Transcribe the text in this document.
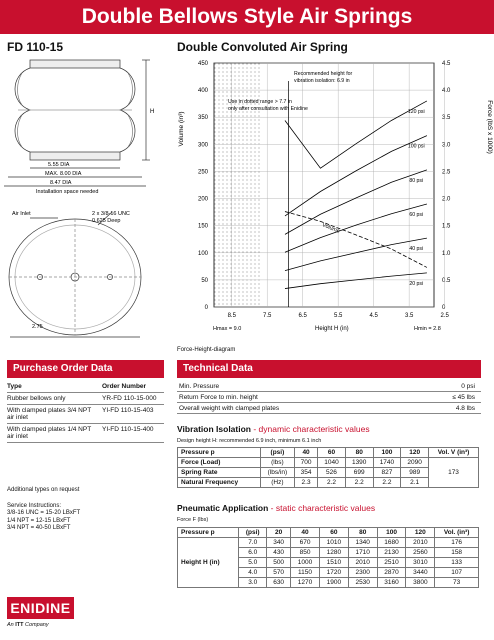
Double Bellows Style Air Springs
FD 110-15	Double Convoluted Air Spring
H
5.55 DIA
MAX. 8.00 DIA
8.47 DIA
Installation space needed
Air Inlet	2 x 3/8-16 UNC
0.625 Deep
2.75
0	0
50	0.5
100	1.0
150	1.5
200	2.0
250	2.5
300	3.0
350	3.5
400	4.0
450	4.5
8.5	7.5	6.5	5.5	4.5	3.5	2.5
Volume (in³)	Force (lbS x 1000)
Height H (in)
Hmax = 9.0	Hmin = 2.8
Recommended height for vibration isolation: 6.9 in
Use in dotted range > 7.7 in only after consultation with Enidine
Volume
120 psi
100 psi
80 psi
60 psi
40 psi
20 psi
Force-Height-diagram
Purchase Order Data
Type	Order Number
Rubber bellows only	YR-FD 110-15-000
With clamped plates 3/4 NPT air inlet	YI-FD 110-15-403
With clamped plates 1/4 NPT air inlet	YI-FD 110-15-400
Additional types on request
Service Instructions:
3/8-16 UNC = 15-20 LBxFT
1/4 NPT = 12-15 LBxFT
3/4 NPT = 40-50 LBxFT
Technical Data
Min. Pressure	0 psi
Return Force to min. height	≤ 45 lbs
Overall weight with clamped plates	4.8 lbs
Vibration Isolation - dynamic characteristic values
Design height H: recommended 6.9 inch, minimum 6.1 inch
Pressure p	(psi)	40	60	80	100	120	Vol. V (in³)
Force (Load)	(lbs)	700	1040	1390	1740	2090	173
Spring Rate	(lbs/in)	354	526	699	827	989	
Natural Frequency	(Hz)	2.3	2.2	2.2	2.2	2.1	
Pneumatic Application - static characteristic values
Force F (lbs)
Pressure p	(psi)	20	40	60	80	100	120	Vol. (in³)
Height H (in)	7.0	340	670	1010	1340	1680	2010	176
	6.0	430	850	1280	1710	2130	2560	158
	5.0	500	1000	1510	2010	2510	3010	133
	4.0	570	1150	1720	2300	2870	3440	107
	3.0	630	1270	1900	2530	3160	3800	73
ENIDINE
An ITT Company
